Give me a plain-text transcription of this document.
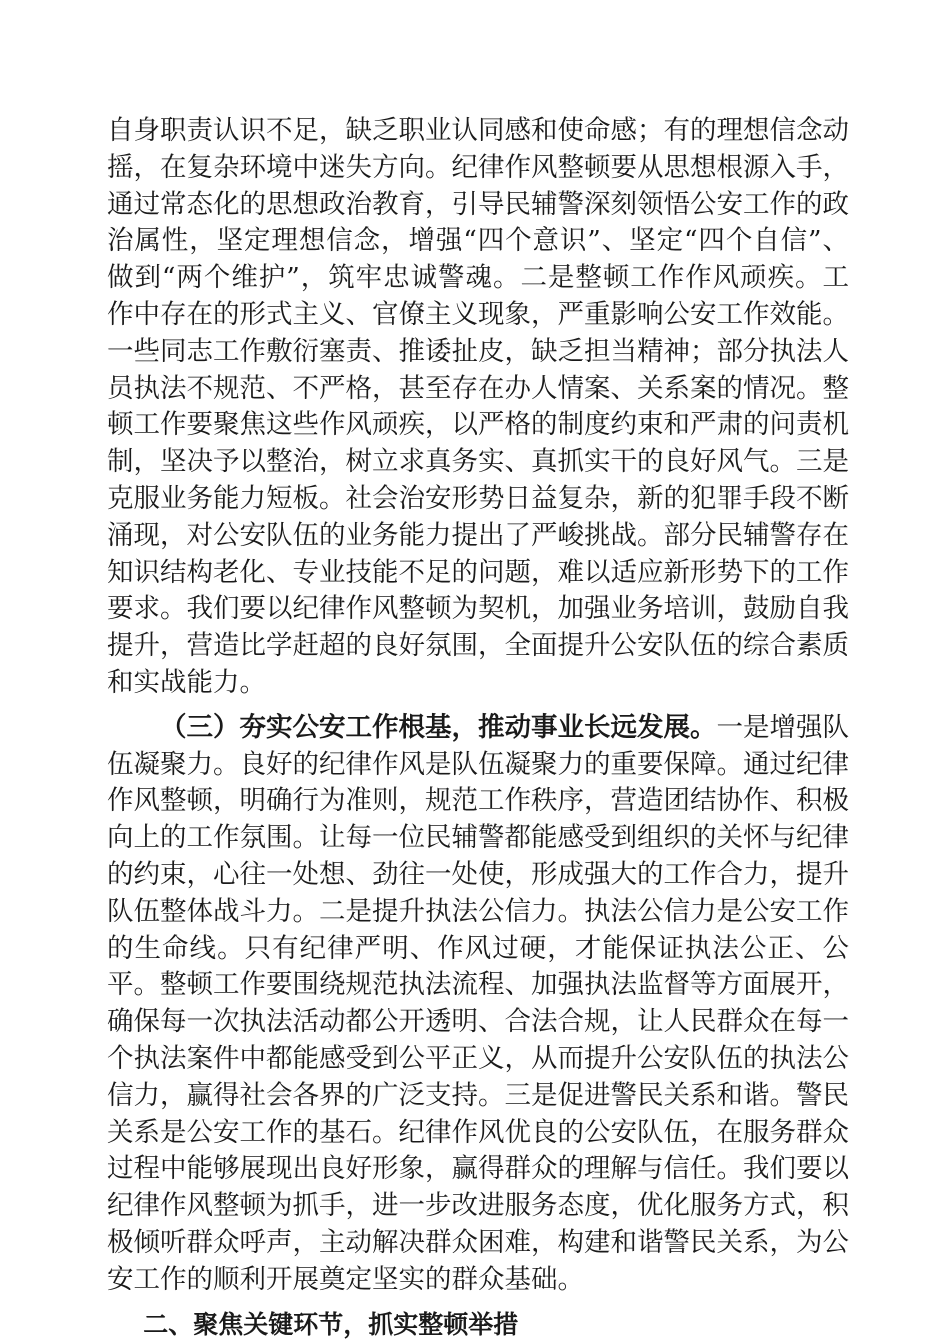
自身职责认识不足，缺乏职业认同感和使命感；有的理想信念动摇，在复杂环境中迷失方向。纪律作风整顿要从思想根源入手，通过常态化的思想政治教育，引导民辅警深刻领悟公安工作的政治属性，坚定理想信念，增强“四个意识”、坚定“四个自信”、做到“两个维护”，筑牢忠诚警魂。二是整顿工作作风顽疾。工作中存在的形式主义、官僚主义现象，严重影响公安工作效能。一些同志工作敷衍塞责、推诿扯皮，缺乏担当精神；部分执法人员执法不规范、不严格，甚至存在办人情案、关系案的情况。整顿工作要聚焦这些作风顽疾，以严格的制度约束和严肃的问责机制，坚决予以整治，树立求真务实、真抓实干的良好风气。三是克服业务能力短板。社会治安形势日益复杂，新的犯罪手段不断涌现，对公安队伍的业务能力提出了严峻挑战。部分民辅警存在知识结构老化、专业技能不足的问题，难以适应新形势下的工作要求。我们要以纪律作风整顿为契机，加强业务培训，鼓励自我提升，营造比学赶超的良好氛围，全面提升公安队伍的综合素质和实战能力。

（三）夯实公安工作根基，推动事业长远发展。一是增强队伍凝聚力。良好的纪律作风是队伍凝聚力的重要保障。通过纪律作风整顿，明确行为准则，规范工作秩序，营造团结协作、积极向上的工作氛围。让每一位民辅警都能感受到组织的关怀与纪律的约束，心往一处想、劲往一处使，形成强大的工作合力，提升队伍整体战斗力。二是提升执法公信力。执法公信力是公安工作的生命线。只有纪律严明、作风过硬，才能保证执法公正、公平。整顿工作要围绕规范执法流程、加强执法监督等方面展开，确保每一次执法活动都公开透明、合法合规，让人民群众在每一个执法案件中都能感受到公平正义，从而提升公安队伍的执法公信力，赢得社会各界的广泛支持。三是促进警民关系和谐。警民关系是公安工作的基石。纪律作风优良的公安队伍，在服务群众过程中能够展现出良好形象，赢得群众的理解与信任。我们要以纪律作风整顿为抓手，进一步改进服务态度，优化服务方式，积极倾听群众呼声，主动解决群众困难，构建和谐警民关系，为公安工作的顺利开展奠定坚实的群众基础。

二、聚焦关键环节，抓实整顿举措
